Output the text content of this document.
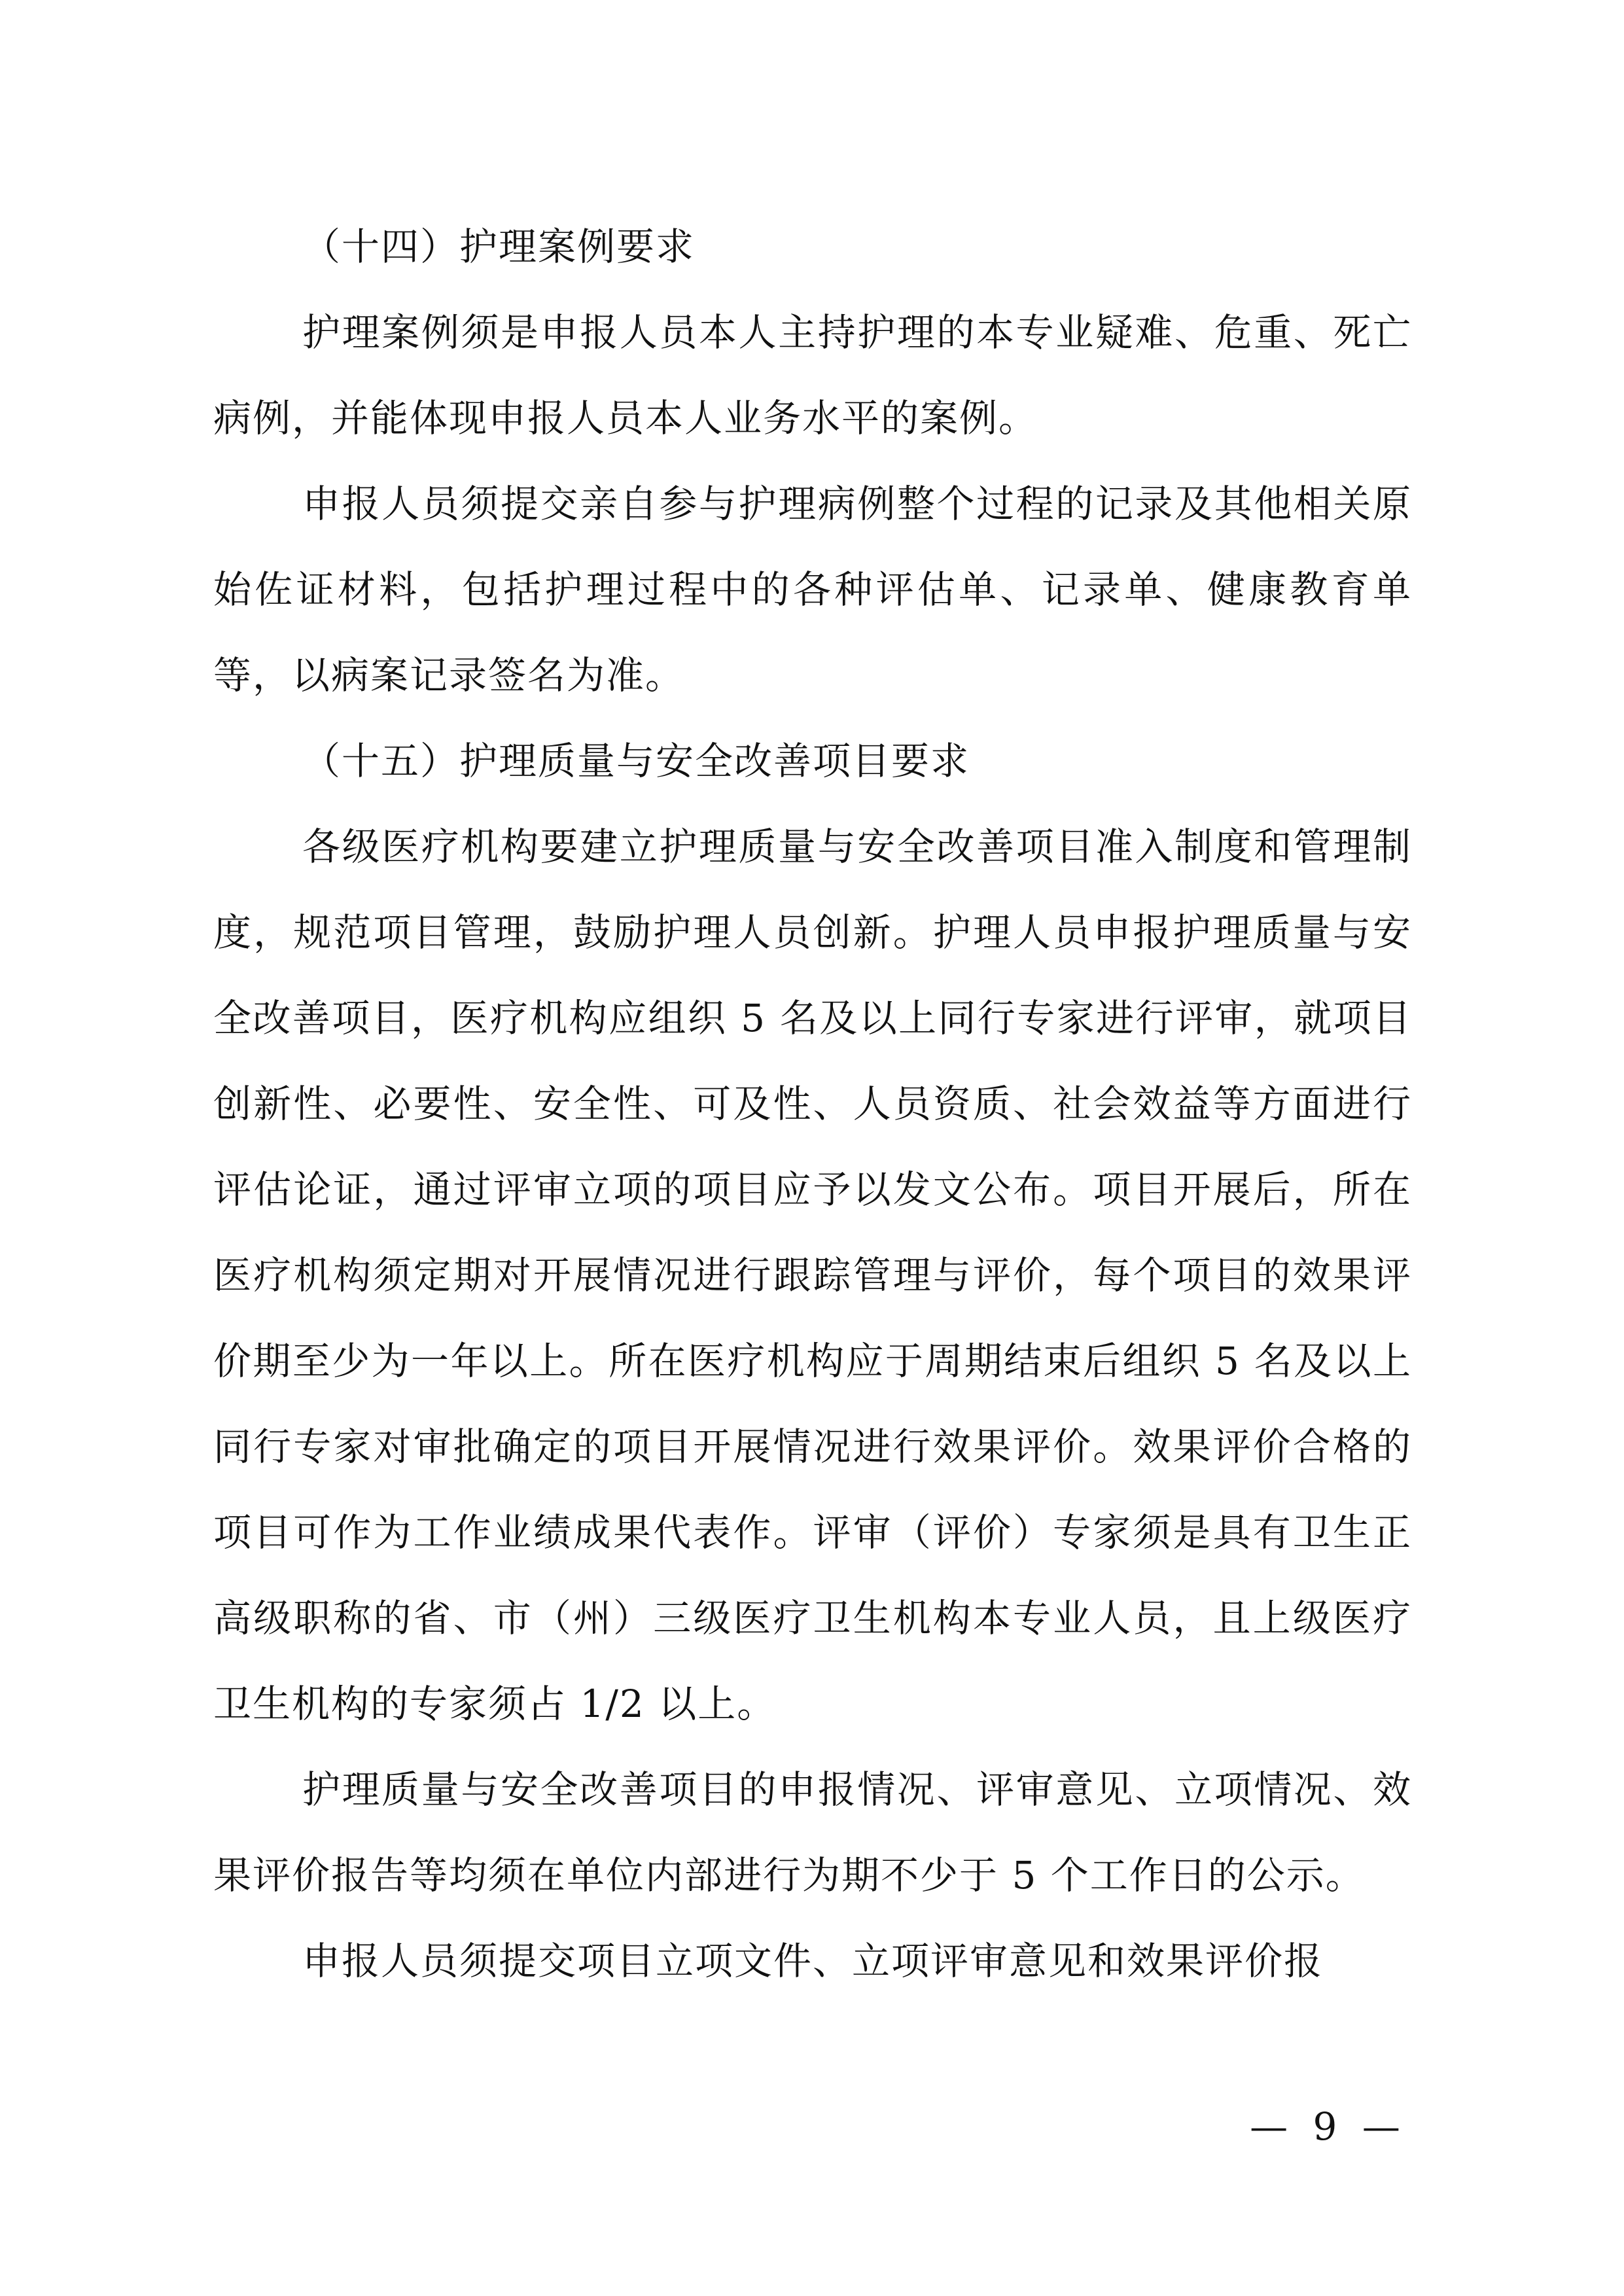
（十四）护理案例要求

护理案例须是申报人员本人主持护理的本专业疑难、危重、死亡病例，并能体现申报人员本人业务水平的案例。

申报人员须提交亲自参与护理病例整个过程的记录及其他相关原始佐证材料，包括护理过程中的各种评估单、记录单、健康教育单等，以病案记录签名为准。

（十五）护理质量与安全改善项目要求

各级医疗机构要建立护理质量与安全改善项目准入制度和管理制度，规范项目管理，鼓励护理人员创新。护理人员申报护理质量与安全改善项目，医疗机构应组织 5 名及以上同行专家进行评审，就项目创新性、必要性、安全性、可及性、人员资质、社会效益等方面进行评估论证，通过评审立项的项目应予以发文公布。项目开展后，所在医疗机构须定期对开展情况进行跟踪管理与评价，每个项目的效果评价期至少为一年以上。所在医疗机构应于周期结束后组织 5 名及以上同行专家对审批确定的项目开展情况进行效果评价。效果评价合格的项目可作为工作业绩成果代表作。评审（评价）专家须是具有卫生正高级职称的省、市（州）三级医疗卫生机构本专业人员，且上级医疗卫生机构的专家须占 1/2 以上。

护理质量与安全改善项目的申报情况、评审意见、立项情况、效果评价报告等均须在单位内部进行为期不少于 5 个工作日的公示。

申报人员须提交项目立项文件、立项评审意见和效果评价报

— 9 —
